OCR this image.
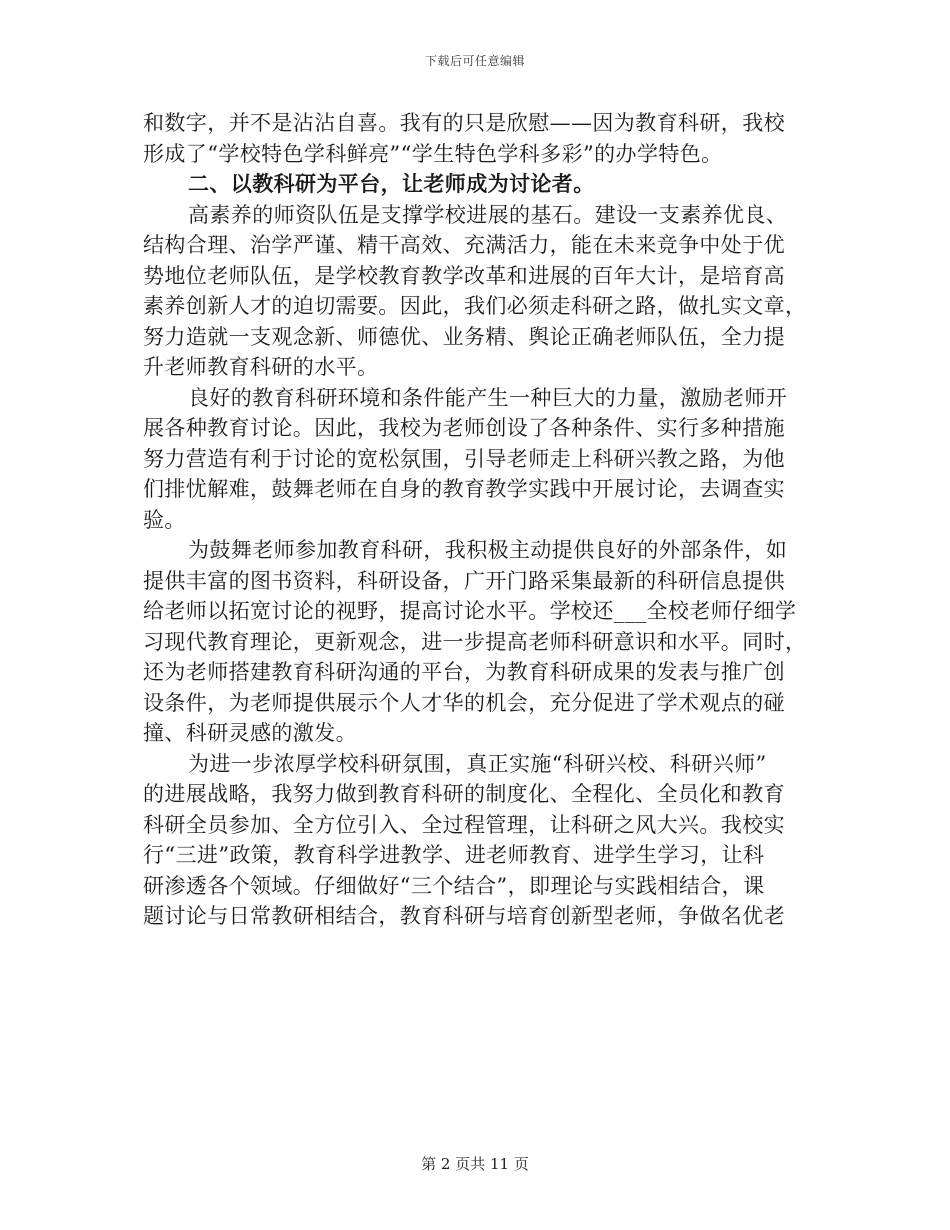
下载后可任意编辑
和数字，并不是沾沾自喜。我有的只是欣慰——因为教育科研，我校
形成了“学校特色学科鲜亮”“学生特色学科多彩”的办学特色。
二、以教科研为平台，让老师成为讨论者。
高素养的师资队伍是支撑学校进展的基石。建设一支素养优良、
结构合理、治学严谨、精干高效、充满活力，能在未来竞争中处于优
势地位老师队伍，是学校教育教学改革和进展的百年大计，是培育高
素养创新人才的迫切需要。因此，我们必须走科研之路，做扎实文章，
努力造就一支观念新、师德优、业务精、舆论正确老师队伍，全力提
升老师教育科研的水平。
良好的教育科研环境和条件能产生一种巨大的力量，激励老师开
展各种教育讨论。因此，我校为老师创设了各种条件、实行多种措施
努力营造有利于讨论的宽松氛围，引导老师走上科研兴教之路，为他
们排忧解难，鼓舞老师在自身的教育教学实践中开展讨论，去调查实
验。
为鼓舞老师参加教育科研，我积极主动提供良好的外部条件，如
提供丰富的图书资料，科研设备，广开门路采集最新的科研信息提供
给老师以拓宽讨论的视野，提高讨论水平。学校还___全校老师仔细学
习现代教育理论，更新观念，进一步提高老师科研意识和水平。同时，
还为老师搭建教育科研沟通的平台，为教育科研成果的发表与推广创
设条件，为老师提供展示个人才华的机会，充分促进了学术观点的碰
撞、科研灵感的激发。
为进一步浓厚学校科研氛围，真正实施“科研兴校、科研兴师”
的进展战略，我努力做到教育科研的制度化、全程化、全员化和教育
科研全员参加、全方位引入、全过程管理，让科研之风大兴。我校实
行“三进”政策，教育科学进教学、进老师教育、进学生学习，让科
研渗透各个领域。仔细做好“三个结合”，即理论与实践相结合，课
题讨论与日常教研相结合，教育科研与培育创新型老师，争做名优老
第 2 页共 11 页
